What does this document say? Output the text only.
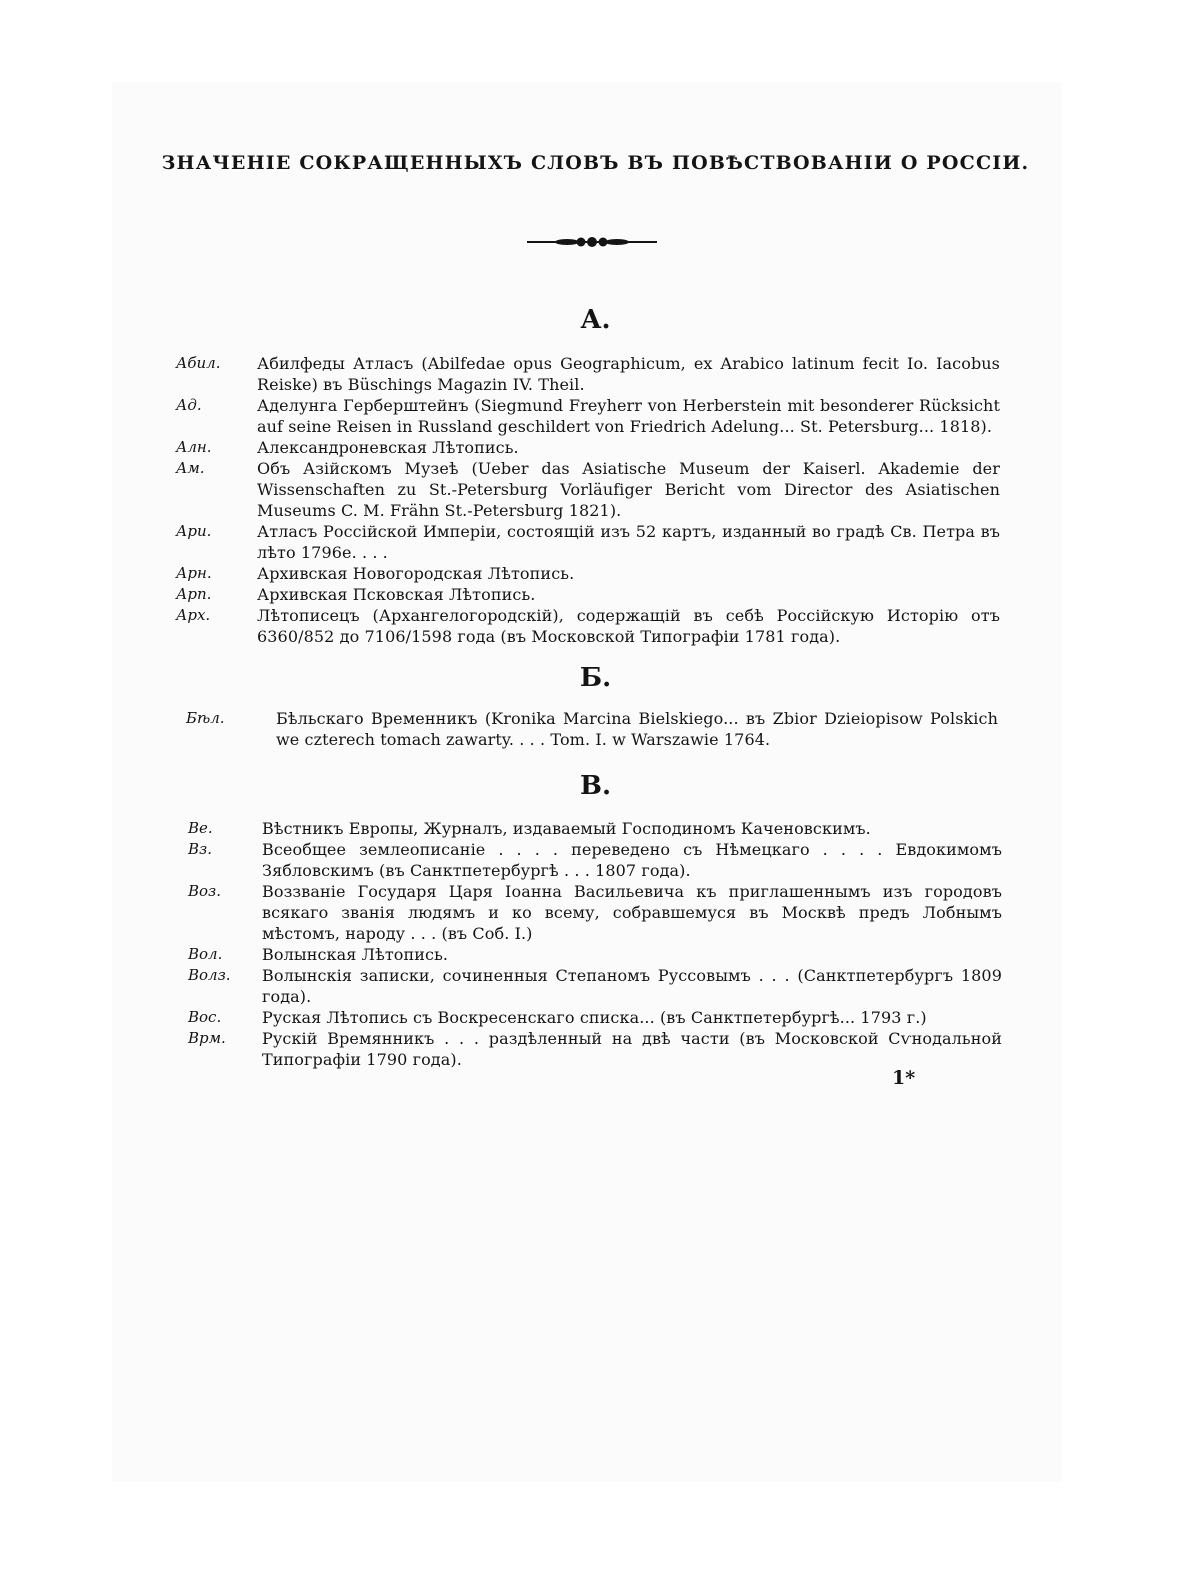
ЗНАЧЕНІЕ СОКРАЩЕННЫХЪ СЛОВЪ ВЪ ПОВѢСТВОВАНІИ О РОССІИ.
А.
Абил. Абилфеды Атласъ (Abilfedae opus Geographicum, ex Arabico latinum fecit Io. Iacobus Reiske) въ Büschings Magazin IV. Theil.
Ад.	Аделунга Герберштейнъ (Siegmund Freyherr von Herberstein mit besonderer Rücksicht auf seine Reisen in Russland geschildert von Friedrich Adelung... St. Petersburg... 1818).
Алн.	Александроневская Лѣтопись.
Ам.	Объ Азiйскомъ Музеѣ (Ueber das Asiatische Museum der Kaiserl. Akademie der Wissenschaften zu St.-Petersburg Vorläufiger Bericht vom Director des Asiatischen Museums C. M. Frähn St.-Petersburg 1821).
Ари.	Атласъ Россiйской Имперiи, состоящiй изъ 52 картъ, изданный во градѣ Св. Петра въ лѣто 1796е. . . .
Арн.	Архивская Новогородская Лѣтопись.
Арп.	Архивская Псковская Лѣтопись.
Арх.	Лѣтописецъ (Архангелогородскiй), содержащiй въ себѣ Россiйскую Исторiю отъ 6360/852 до 7106/1598 года (въ Московской Типографiи 1781 года).
Б.
Бѣл.	Бѣльскаго Временникъ (Kronika Marcina Bielskiego... въ Zbior Dzieiopisow Polskich we czterech tomach zawarty. . . . Tom. I. w Warszawie 1764.
В.
Ве.	Вѣстникъ Европы, Журналъ, издаваемый Господиномъ Каченовскимъ.
Вз.	Всеобщее землеописанiе . . . . переведено съ Нѣмецкаго . . . . Евдокимомъ Зябловскимъ (въ Санктпетербургѣ . . . 1807 года).
Воз.	Воззванiе Государя Царя Iоанна Васильевича къ приглашеннымъ изъ городовъ всякаго званiя людямъ и ко всему, собравшемуся въ Москвѣ предъ Лобнымъ мѣстомъ, народу . . . (въ Соб. I.)
Вол. Волынская Лѣтопись.
Волз. Волынскiя записки, сочиненныя Степаномъ Руссовымъ . . . (Санктпетербургъ 1809 года).
Вос.	Руская Лѣтопись съ Воскресенскаго списка... (въ Санктпетербургѣ... 1793 г.)
Врм. Рускiй Времянникъ . . . раздѣленный на двѣ части (въ Московской Сѵнодальной Типографiи 1790 года).
1*
